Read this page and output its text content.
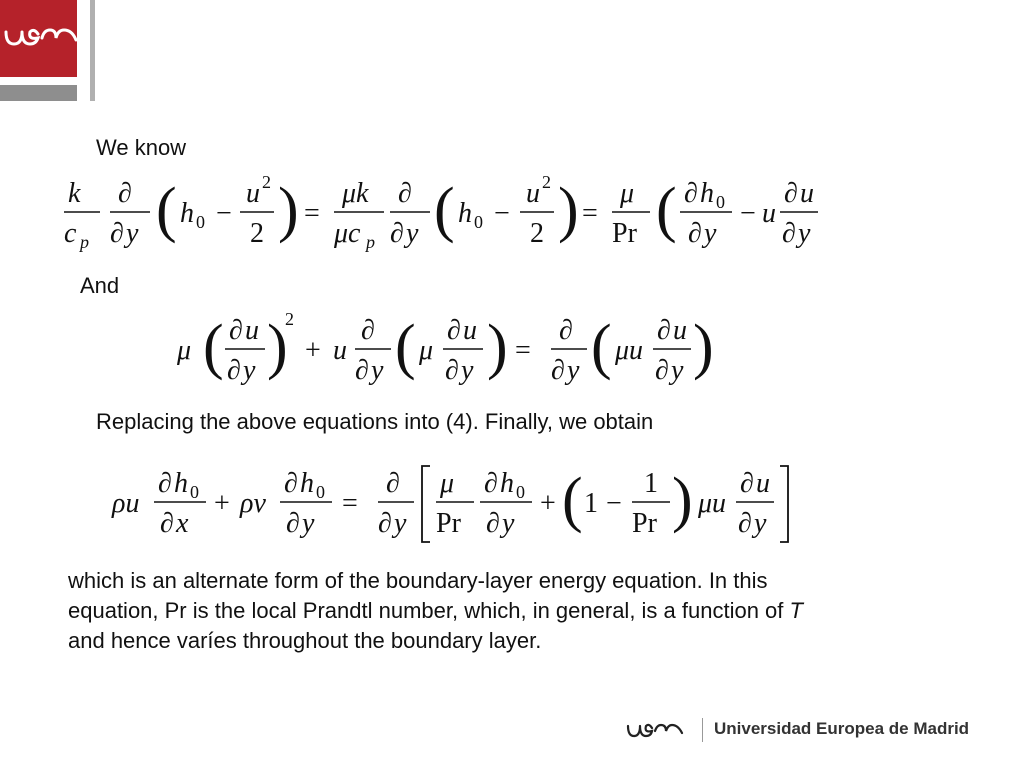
We know
k
c p
∂
∂ y ( h 0 −
u 2
2 ) =
μk
μc p
∂
∂ y ( h 0 −
u 2
2 ) =
μ
Pr ( ∂ h 0
∂ y
− u
∂ u
∂ y
And
μ ( ∂ u
∂ y )
2
+ u
∂
∂ y ( μ
∂ u
∂ y ) =
∂
∂ y ( μu
∂ u
∂ y )
Replacing the above equations into (4). Finally, we obtain
ρu
∂ h 0
∂ x
+ ρv
∂ h 0
∂ y
=
∂
∂ y
μ
Pr
∂ h 0
∂ y
+ ( 1 −
1
Pr ) μu
∂ u
∂ y
which is an alternate form of the boundary-layer energy equation. In this
equation, Pr is the local Prandtl number, which, in general, is a function of T
and hence varíes throughout the boundary layer.
Universidad Europea de Madrid
